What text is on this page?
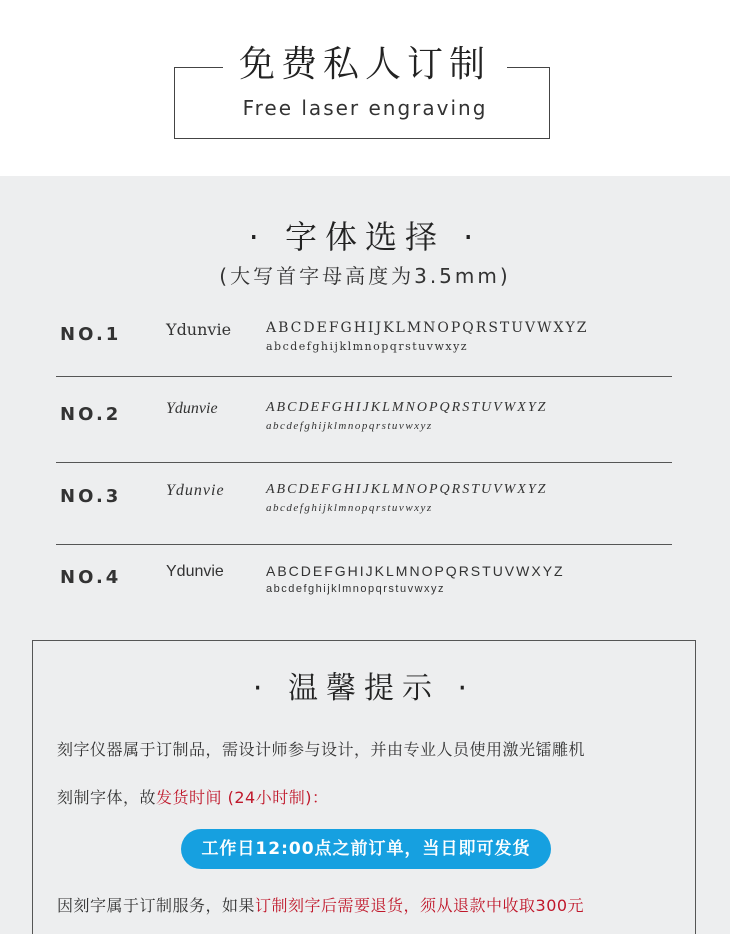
免费私人订制
Free laser engraving
· 字体选择 ·
(大写首字母高度为3.5mm)
NO.1	Ydunvie ABCDEFGHIJKLMNOPQRSTUVWXYZ
abcdefghijklmnopqrstuvwxyz
NO.2	Ydunvie	ABCDEFGHIJKLMNOPQRSTUVWXYZ
abcdefghijklmnopqrstuvwxyz
NO.3	Ydunvie	ABCDEFGHIJKLMNOPQRSTUVWXYZ
abcdefghijklmnopqrstuvwxyz
NO.4	Ydunvie	ABCDEFGHIJKLMNOPQRSTUVWXYZ
abcdefghijklmnopqrstuvwxyz
· 温馨提示 ·
刻字仪器属于订制品，需设计师参与设计，并由专业人员使用激光镭雕机
刻制字体，故发货时间 (24小时制)：
工作日12:00点之前订单，当日即可发货
因刻字属于订制服务，如果订制刻字后需要退货，须从退款中收取300元
